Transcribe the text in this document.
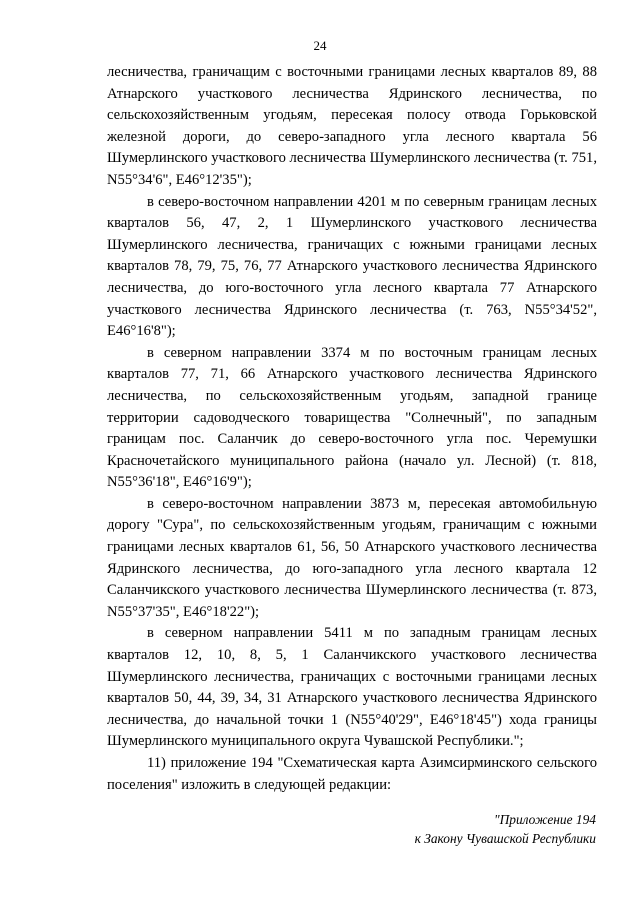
24

лесничества, граничащим с восточными границами лесных кварталов 89, 88 Атнарского участкового лесничества Ядринского лесничества, по сельскохозяйственным угодьям, пересекая полосу отвода Горьковской железной дороги, до северо-западного угла лесного квартала 56 Шумерлинского участкового лесничества Шумерлинского лесничества (т. 751, N55°34'6", E46°12'35");

в северо-восточном направлении 4201 м по северным границам лесных кварталов 56, 47, 2, 1 Шумерлинского участкового лесничества Шумерлинского лесничества, граничащих с южными границами лесных кварталов 78, 79, 75, 76, 77 Атнарского участкового лесничества Ядринского лесничества, до юго-восточного угла лесного квартала 77 Атнарского участкового лесничества Ядринского лесничества (т. 763, N55°34'52", E46°16'8");

в северном направлении 3374 м по восточным границам лесных кварталов 77, 71, 66 Атнарского участкового лесничества Ядринского лесничества, по сельскохозяйственным угодьям, западной границе территории садоводческого товарищества "Солнечный", по западным границам пос. Саланчик до северо-восточного угла пос. Черемушки Красночетайского муниципального района (начало ул. Лесной) (т. 818, N55°36'18", E46°16'9");

в северо-восточном направлении 3873 м, пересекая автомобильную дорогу "Сура", по сельскохозяйственным угодьям, граничащим с южными границами лесных кварталов 61, 56, 50 Атнарского участкового лесничества Ядринского лесничества, до юго-западного угла лесного квартала 12 Саланчикского участкового лесничества Шумерлинского лесничества (т. 873, N55°37'35", E46°18'22");

в северном направлении 5411 м по западным границам лесных кварталов 12, 10, 8, 5, 1 Саланчикского участкового лесничества Шумерлинского лесничества, граничащих с восточными границами лесных кварталов 50, 44, 39, 34, 31 Атнарского участкового лесничества Ядринского лесничества, до начальной точки 1 (N55°40'29", E46°18'45") хода границы Шумерлинского муниципального округа Чувашской Республики.";

11) приложение 194 "Схематическая карта Азимсирминского сельского поселения" изложить в следующей редакции:

"Приложение 194
к Закону Чувашской Республики
